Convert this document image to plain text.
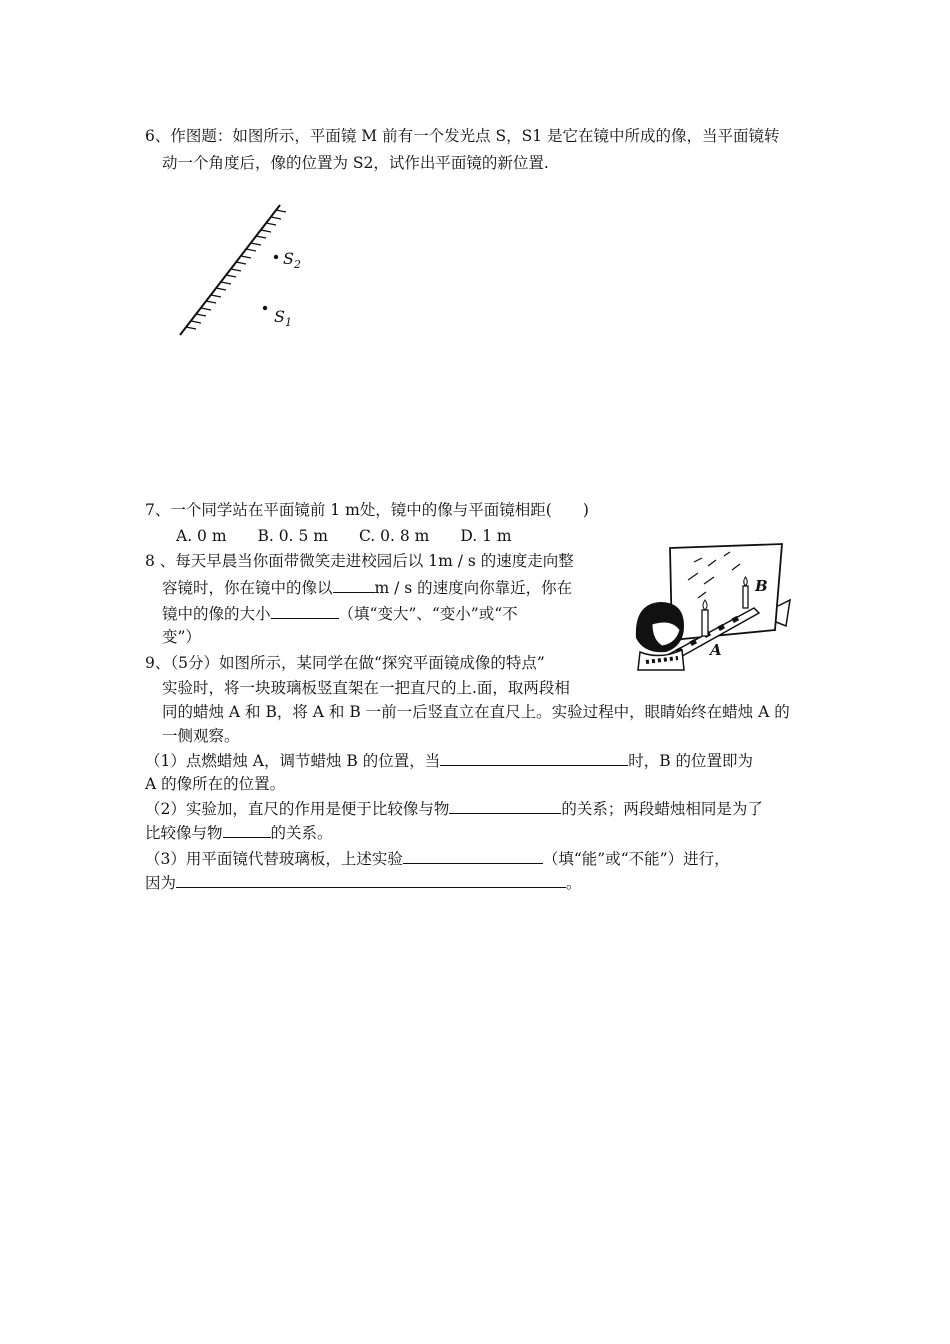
6、作图题：如图所示，平面镜 M 前有一个发光点 S，S1 是它在镜中所成的像，当平面镜转
动一个角度后，像的位置为 S2，试作出平面镜的新位置.
$S_2$
$S_1$
7、一个同学站在平面镜前 1 m处，镜中的像与平面镜相距(　　)
A. 0 m　　B. 0. 5 m　　C. 0. 8 m　　D. 1 m
8 、每天早晨当你面带微笑走进校园后以 1m / s 的速度走向整
容镜时，你在镜中的像以	m / s 的速度向你靠近，你在
镜中的像的大小	（填“变大”、“变小”或“不
变”）
B
A
9、（5分）如图所示，某同学在做“探究平面镜成像的特点”
实验时，将一块玻璃板竖直架在一把直尺的上.面，取两段相
同的蜡烛 A 和 B，将 A 和 B 一前一后竖直立在直尺上。实验过程中，眼睛始终在蜡烛 A 的
一侧观察。
（1）点燃蜡烛 A，调节蜡烛 B 的位置，当	时，B 的位置即为
A 的像所在的位置。
（2）实验加，直尺的作用是便于比较像与物	的关系；两段蜡烛相同是为了
比较像与物	的关系。
（3）用平面镜代替玻璃板，上述实验	（填“能”或“不能”）进行，
因为	。
